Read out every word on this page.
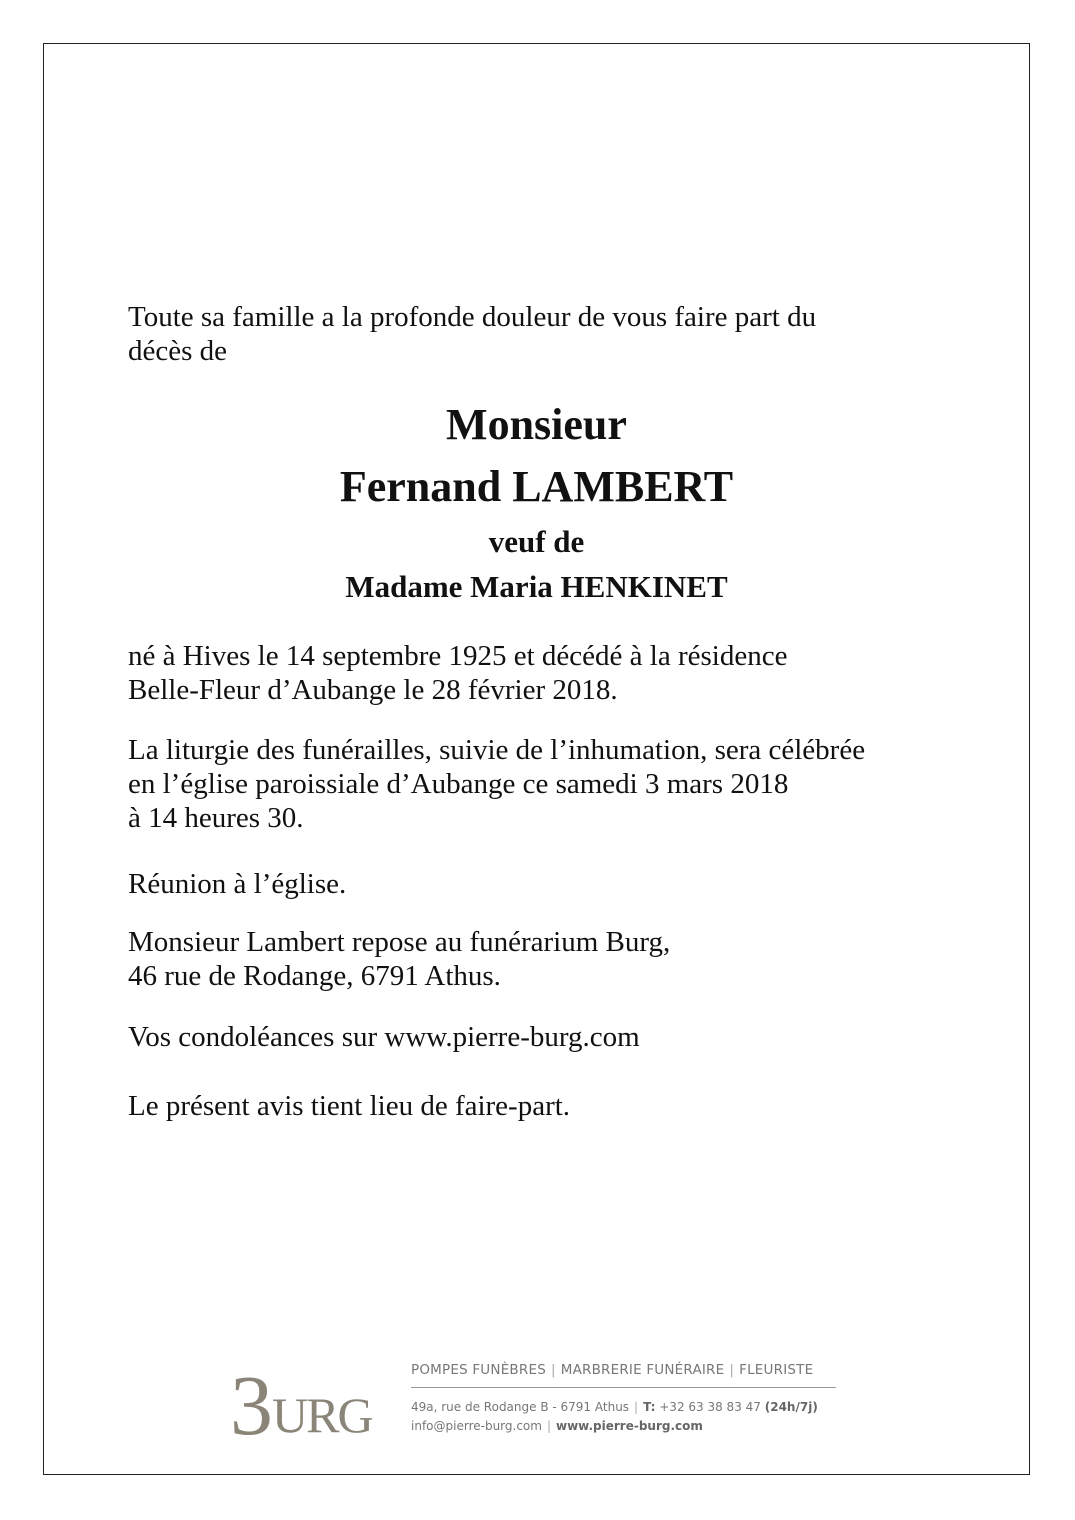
Toute sa famille a la profonde douleur de vous faire part du
décès de
Monsieur
Fernand LAMBERT
veuf de
Madame Maria HENKINET
né à Hives le 14 septembre 1925 et décédé à la résidence
Belle-Fleur d’Aubange le 28 février 2018.
La liturgie des funérailles, suivie de l’inhumation, sera célébrée
en l’église paroissiale d’Aubange ce samedi 3 mars 2018
à 14 heures 30.
Réunion à l’église.
Monsieur Lambert repose au funérarium Burg,
46 rue de Rodange, 6791 Athus.
Vos condoléances sur www.pierre-burg.com
Le présent avis tient lieu de faire-part.
3 URG
POMPES FUNÈBRES | MARBRERIE FUNÉRAIRE | FLEURISTE
49a, rue de Rodange B - 6791 Athus | T: +32 63 38 83 47 (24h/7j)
info@pierre-burg.com | www.pierre-burg.com
